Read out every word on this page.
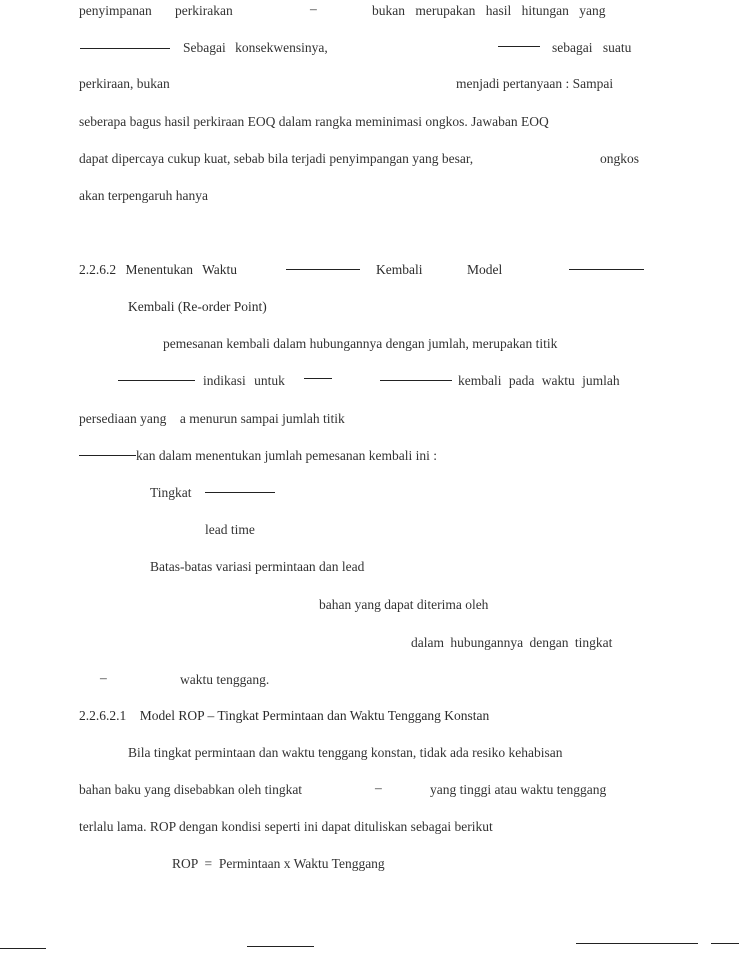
penyimpanan perkirakan	–	bukan merupakan hasil hitungan yang
Sebagai konsekwensinya,	sebagai suatu
perkiraan, bukan	menjadi pertanyaan : Sampai
seberapa bagus hasil perkiraan EOQ dalam rangka meminimasi ongkos. Jawaban EOQ
dapat dipercaya cukup kuat, sebab bila terjadi penyimpangan yang besar,	ongkos
akan terpengaruh hanya
2.2.6.2 Menentukan Waktu	Kembali	Model
Kembali (Re-order Point)
pemesanan kembali dalam hubungannya dengan jumlah, merupakan titik
indikasi untuk	kembali pada waktu jumlah
persediaan yang    a menurun sampai jumlah titik
kan dalam menentukan jumlah pemesanan kembali ini :
Tingkat
lead time
Batas-batas variasi permintaan dan lead
bahan yang dapat diterima oleh
dalam hubungannya dengan tingkat
–	waktu tenggang.
2.2.6.2.1    Model ROP – Tingkat Permintaan dan Waktu Tenggang Konstan
Bila tingkat permintaan dan waktu tenggang konstan, tidak ada resiko kehabisan
bahan baku yang disebabkan oleh tingkat	–	yang tinggi atau waktu tenggang
terlalu lama. ROP dengan kondisi seperti ini dapat dituliskan sebagai berikut
ROP  =  Permintaan x Waktu Tenggang
